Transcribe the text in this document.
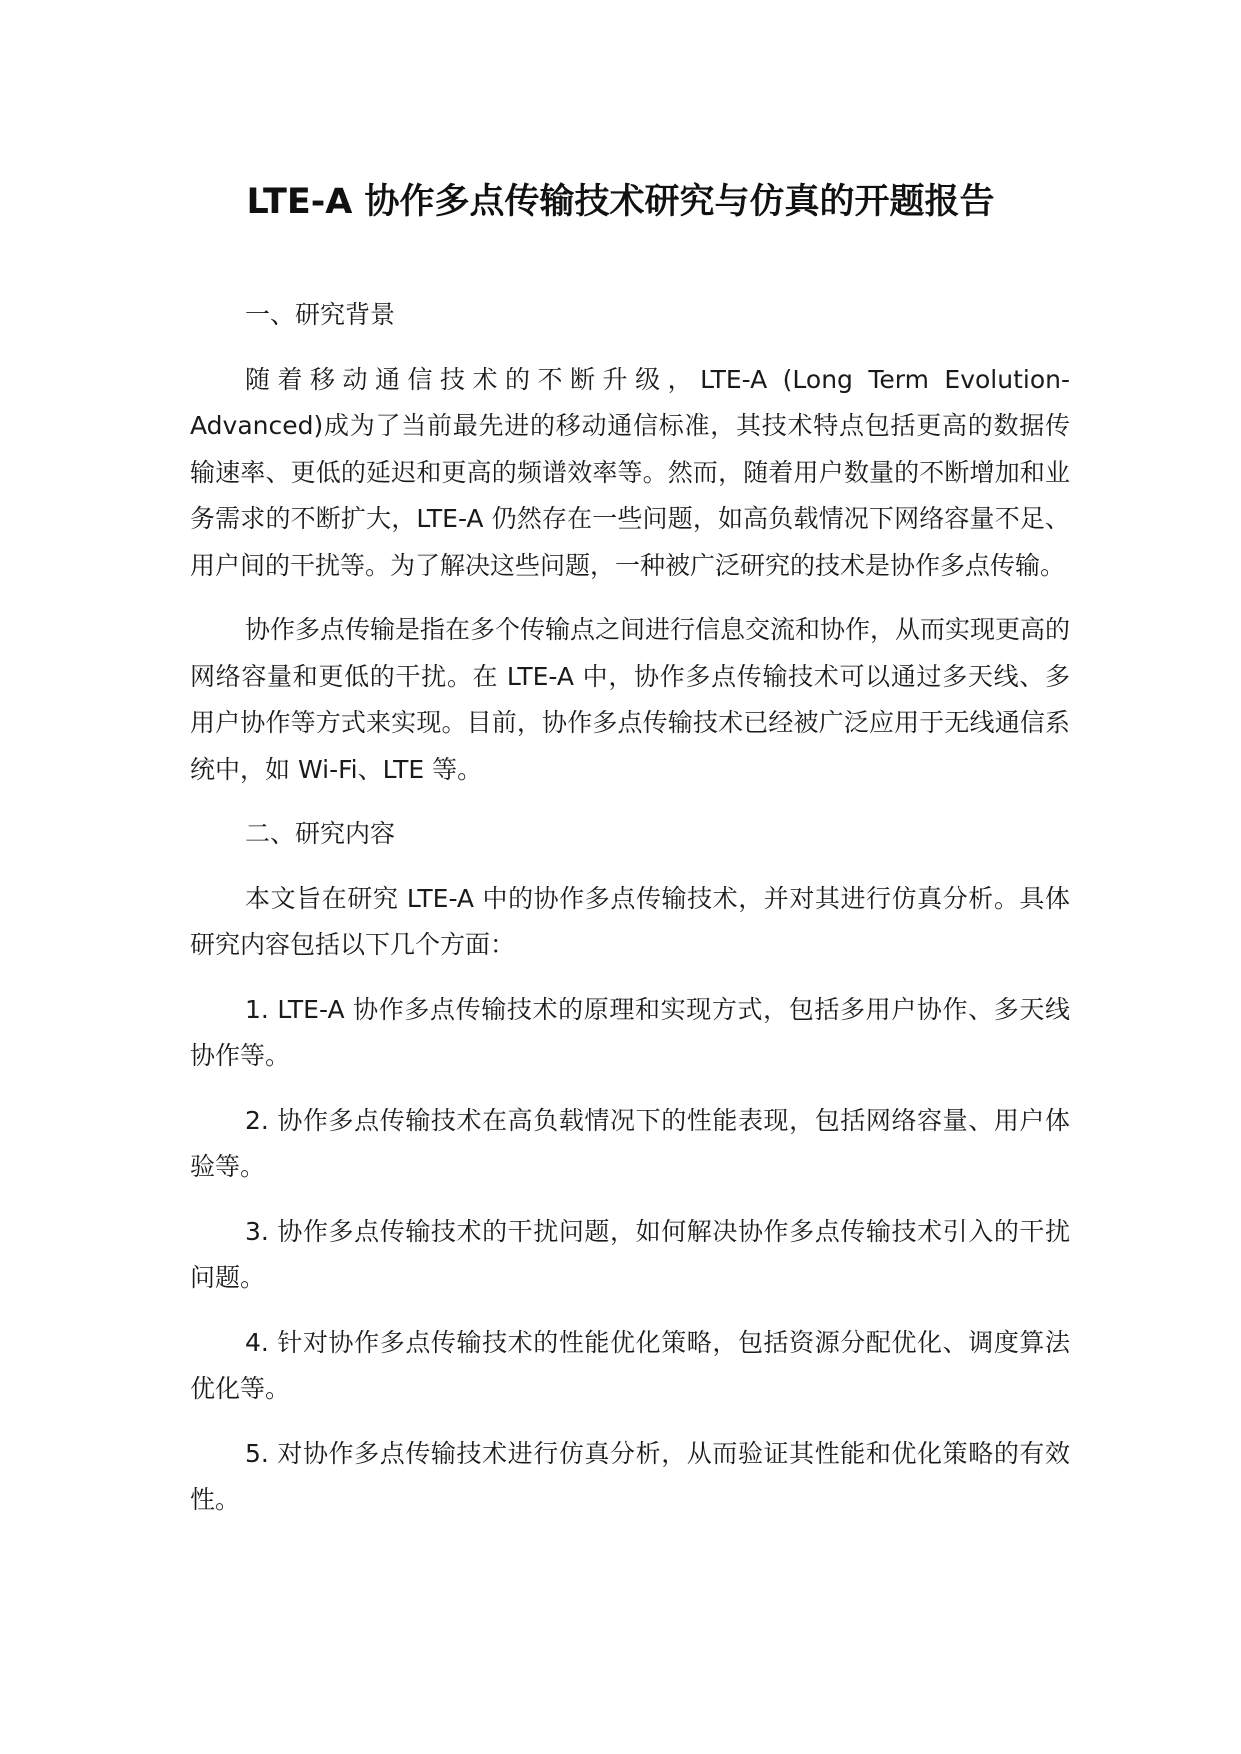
LTE-A 协作多点传输技术研究与仿真的开题报告

一、研究背景

随着移动通信技术的不断升级，LTE-A (Long Term Evolution-Advanced)成为了当前最先进的移动通信标准，其技术特点包括更高的数据传输速率、更低的延迟和更高的频谱效率等。然而，随着用户数量的不断增加和业务需求的不断扩大，LTE-A 仍然存在一些问题，如高负载情况下网络容量不足、用户间的干扰等。为了解决这些问题，一种被广泛研究的技术是协作多点传输。

协作多点传输是指在多个传输点之间进行信息交流和协作，从而实现更高的网络容量和更低的干扰。在 LTE-A 中，协作多点传输技术可以通过多天线、多用户协作等方式来实现。目前，协作多点传输技术已经被广泛应用于无线通信系统中，如 Wi-Fi、LTE 等。

二、研究内容

本文旨在研究 LTE-A 中的协作多点传输技术，并对其进行仿真分析。具体研究内容包括以下几个方面：

1. LTE-A 协作多点传输技术的原理和实现方式，包括多用户协作、多天线协作等。

2. 协作多点传输技术在高负载情况下的性能表现，包括网络容量、用户体验等。

3. 协作多点传输技术的干扰问题，如何解决协作多点传输技术引入的干扰问题。

4. 针对协作多点传输技术的性能优化策略，包括资源分配优化、调度算法优化等。

5. 对协作多点传输技术进行仿真分析，从而验证其性能和优化策略的有效性。
